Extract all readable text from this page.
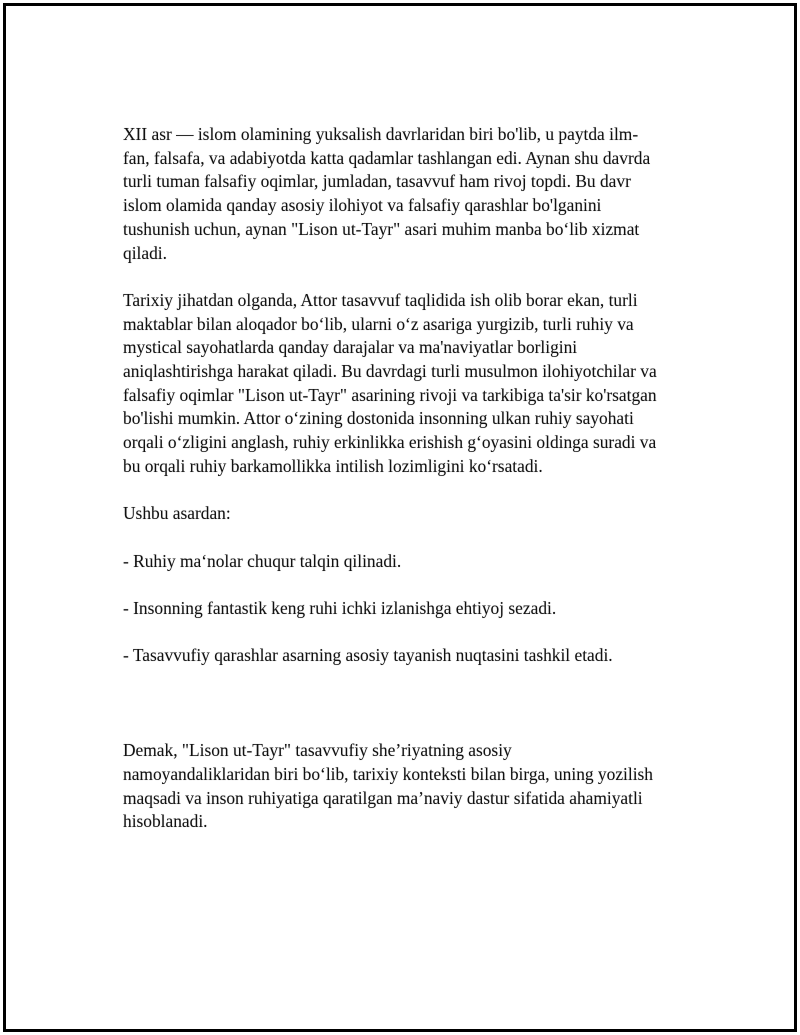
XII asr — islom olamining yuksalish davrlaridan biri bo'lib, u paytda ilm-
fan, falsafa, va adabiyotda katta qadamlar tashlangan edi. Aynan shu davrda
turli tuman falsafiy oqimlar, jumladan, tasavvuf ham rivoj topdi. Bu davr
islom olamida qanday asosiy ilohiyot va falsafiy qarashlar bo'lganini
tushunish uchun, aynan "Lison ut-Tayr" asari muhim manba bo‘lib xizmat
qiladi.

Tarixiy jihatdan olganda, Attor tasavvuf taqlidida ish olib borar ekan, turli
maktablar bilan aloqador bo‘lib, ularni o‘z asariga yurgizib, turli ruhiy va
mystical sayohatlarda qanday darajalar va ma'naviyatlar borligini
aniqlashtirishga harakat qiladi. Bu davrdagi turli musulmon ilohiyotchilar va
falsafiy oqimlar "Lison ut-Tayr" asarining rivoji va tarkibiga ta'sir ko'rsatgan
bo'lishi mumkin. Attor o‘zining dostonida insonning ulkan ruhiy sayohati
orqali o‘zligini anglash, ruhiy erkinlikka erishish g‘oyasini oldinga suradi va
bu orqali ruhiy barkamollikka intilish lozimligini ko‘rsatadi.

Ushbu asardan:

- Ruhiy ma‘nolar chuqur talqin qilinadi.

- Insonning fantastik keng ruhi ichki izlanishga ehtiyoj sezadi.

- Tasavvufiy qarashlar asarning asosiy tayanish nuqtasini tashkil etadi.

Demak, "Lison ut-Tayr" tasavvufiy she’riyatning asosiy
namoyandaliklaridan biri bo‘lib, tarixiy konteksti bilan birga, uning yozilish
maqsadi va inson ruhiyatiga qaratilgan ma’naviy dastur sifatida ahamiyatli
hisoblanadi.
